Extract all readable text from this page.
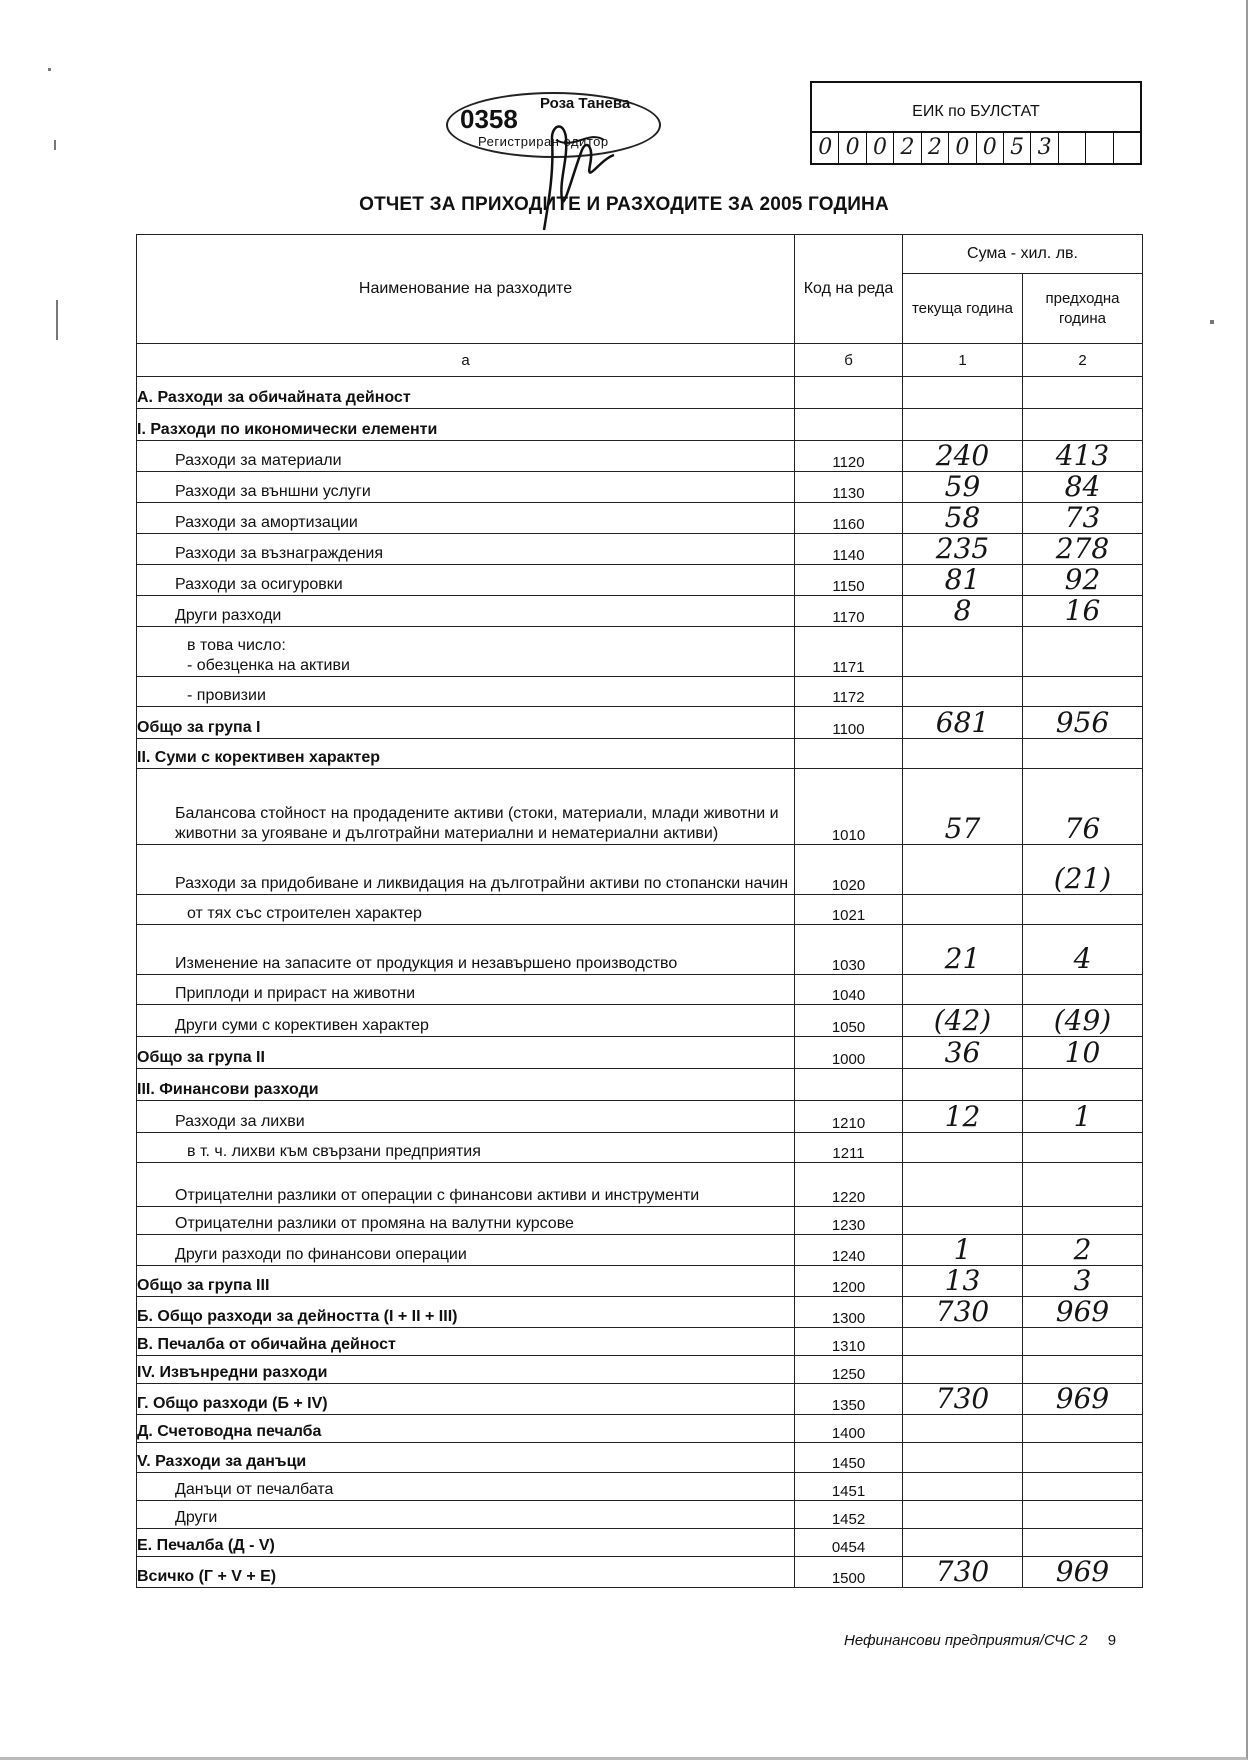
0358
Роза Танева
Регистриран одитор
ЕИК по БУЛСТАТ
0 0 0 2 2 0 0 5 3
ОТЧЕТ ЗА ПРИХОДИТЕ И РАЗХОДИТЕ ЗА 2005 ГОДИНА
Наименование на разходите	Код на реда	Сума - хил. лв.	
		текуща година	предходна година
а	б	1	2
А. Разходи за обичайната дейност			
I. Разходи по икономически елементи			
Разходи за материали	1120	240	413
Разходи за външни услуги	1130	59	84
Разходи за амортизации	1160	58	73
Разходи за възнаграждения	1140	235	278
Разходи за осигуровки	1150	81	92
Други разходи	1170	8	16
в това число:
- обезценка на активи	1171		
- провизии	1172		
Общо за група I	1100	681	956
II. Суми с корективен характер			
Балансова стойност на продадените активи (стоки, материали, млади животни и животни за угояване и дълготрайни материални и нематериални активи)	1010	57	76
Разходи за придобиване и ликвидация на дълготрайни активи по стопански начин	1020		(21)
от тях със строителен характер	1021		
Изменение на запасите от продукция и незавършено производство	1030	21	4
Приплоди и прираст на животни	1040		
Други суми с корективен характер	1050	(42)	(49)
Общо за група II	1000	36	10
III. Финансови разходи			
Разходи за лихви	1210	12	1
в т. ч. лихви към свързани предприятия	1211		
Отрицателни разлики от операции с финансови активи и инструменти	1220		
Отрицателни разлики от промяна на валутни курсове	1230		
Други разходи по финансови операции	1240	1	2
Общо за група III	1200	13	3
Б. Общо разходи за дейността (I + II + III)	1300	730	969
В. Печалба от обичайна дейност	1310		
IV. Извънредни разходи	1250		
Г. Общо разходи (Б + IV)	1350	730	969
Д. Счетоводна печалба	1400		
V. Разходи за данъци	1450		
Данъци от печалбата	1451		
Други	1452		
Е. Печалба (Д - V)	0454		
Всичко (Г + V + Е)	1500	730	969
Нефинансови предприятия/СЧС 2 9
